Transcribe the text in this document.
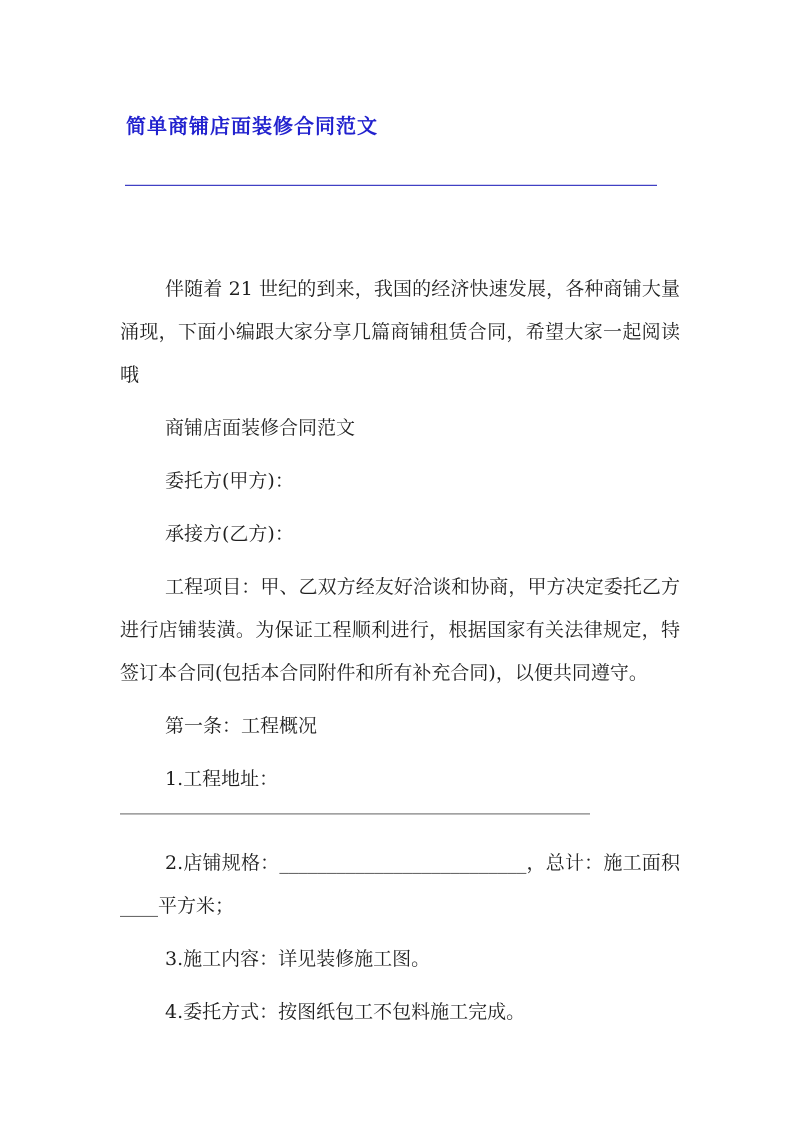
简单商铺店面装修合同范文
________________________________________________________

伴随着 21 世纪的到来，我国的经济快速发展，各种商铺大量涌现，下面小编跟大家分享几篇商铺租赁合同，希望大家一起阅读哦

商铺店面装修合同范文

委托方(甲方)：

承接方(乙方)：

工程项目：甲、乙双方经友好洽谈和协商，甲方决定委托乙方进行店铺装潢。为保证工程顺利进行，根据国家有关法律规定，特签订本合同(包括本合同附件和所有补充合同)，以便共同遵守。

第一条：工程概况

1.工程地址：

2.店铺规格：__________________________，总计：施工面积____平方米；

3.施工内容：详见装修施工图。

4.委托方式：按图纸包工不包料施工完成。
